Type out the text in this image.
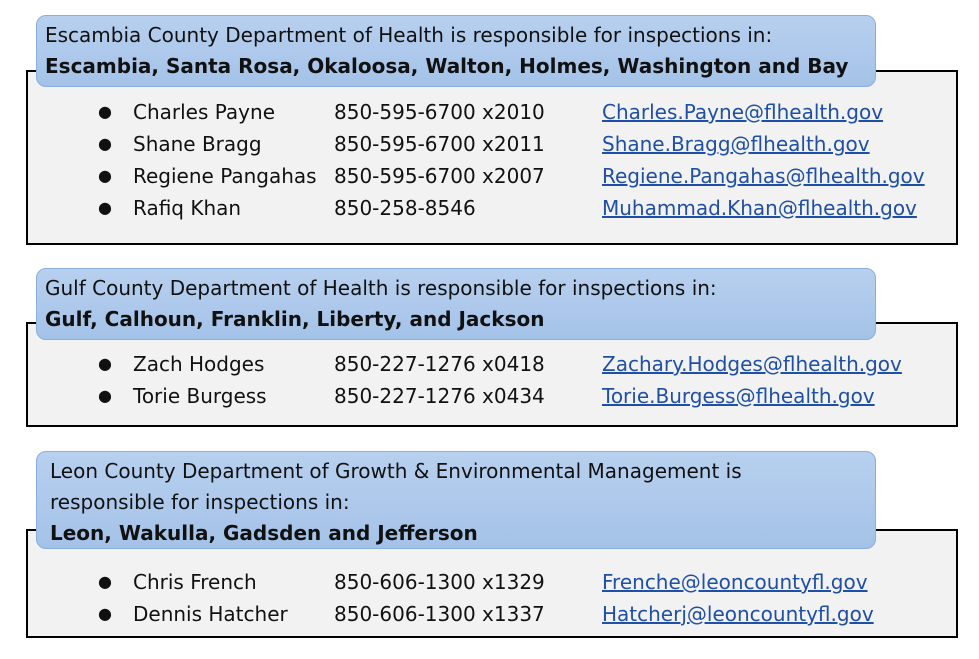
● Charles Payne	850-595-6700 x2010	Charles.Payne@flhealth.gov
● Shane Bragg	850-595-6700 x2011	Shane.Bragg@flhealth.gov
● Regiene Pangahas 850-595-6700 x2007	Regiene.Pangahas@flhealth.gov
● Rafiq Khan	850-258-8546	Muhammad.Khan@flhealth.gov
Escambia County Department of Health is responsible for inspections in:
Escambia, Santa Rosa, Okaloosa, Walton, Holmes, Washington and Bay
● Zach Hodges	850-227-1276 x0418	Zachary.Hodges@flhealth.gov
● Torie Burgess	850-227-1276 x0434	Torie.Burgess@flhealth.gov
Gulf County Department of Health is responsible for inspections in:
Gulf, Calhoun, Franklin, Liberty, and Jackson
● Chris French	850-606-1300 x1329	Frenche@leoncountyfl.gov
● Dennis Hatcher 850-606-1300 x1337	Hatcherj@leoncountyfl.gov
Leon County Department of Growth & Environmental Management is responsible for inspections in:
Leon, Wakulla, Gadsden and Jefferson
